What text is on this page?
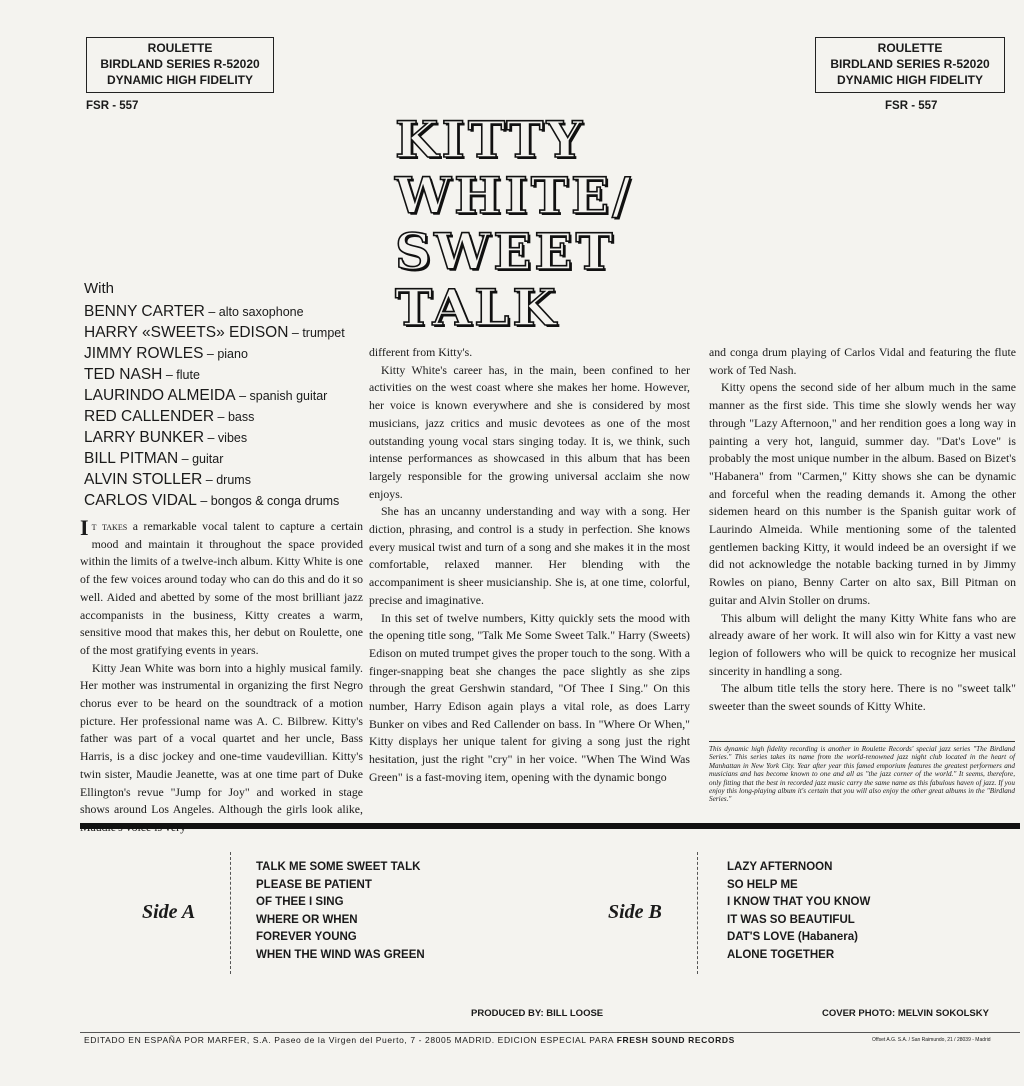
ROULETTE
BIRDLAND SERIES R-52020
DYNAMIC HIGH FIDELITY
FSR - 557
ROULETTE
BIRDLAND SERIES R-52020
DYNAMIC HIGH FIDELITY
FSR - 557
KITTY
WHITE/
SWEET
TALK
With
BENNY CARTER – alto saxophone
HARRY «SWEETS» EDISON – trumpet
JIMMY ROWLES – piano
TED NASH – flute
LAURINDO ALMEIDA – spanish guitar
RED CALLENDER – bass
LARRY BUNKER – vibes
BILL PITMAN – guitar
ALVIN STOLLER – drums
CARLOS VIDAL – bongos & conga drums

It takes a remarkable vocal talent to capture a certain mood and maintain it throughout the space provided within the limits of a twelve-inch album. Kitty White is one of the few voices around today who can do this and do it so well. Aided and abetted by some of the most brilliant jazz accompanists in the business, Kitty creates a warm, sensitive mood that makes this, her debut on Roulette, one of the most gratifying events in years.

Kitty Jean White was born into a highly musical family. Her mother was instrumental in organizing the first Negro chorus ever to be heard on the soundtrack of a motion picture. Her professional name was A. C. Bilbrew. Kitty's father was part of a vocal quartet and her uncle, Bass Harris, is a disc jockey and one-time vaudevillian. Kitty's twin sister, Maudie Jeanette, was at one time part of Duke Ellington's revue "Jump for Joy" and worked in stage shows around Los Angeles. Although the girls look alike,

different from Kitty's.

Kitty White's career has, in the main, been confined to her activities on the west coast where she makes her home. However, her voice is known everywhere and she is considered by most musicians, jazz critics and music devotees as one of the most outstanding young vocal stars singing today. It is, we think, such intense performances as showcased in this album that has been largely responsible for the growing universal acclaim she now enjoys.

She has an uncanny understanding and way with a song. Her diction, phrasing, and control is a study in perfection. She knows every musical twist and turn of a song and she makes it in the most comfortable, relaxed manner. Her blending with the accompaniment is sheer musicianship. She is, at one time, colorful, precise and imaginative.

In this set of twelve numbers, Kitty quickly sets the mood with the opening title song, "Talk Me Some Sweet Talk." Harry (Sweets) Edison on muted trumpet gives the proper touch to the song. With a finger-snapping beat she changes the pace slightly as she zips through the great Gershwin standard, "Of Thee I Sing." On this number, Harry Edison again plays a vital role, as does Larry Bunker on vibes and Red Callender on bass. In "Where Or When," Kitty displays her unique talent for giving a song just the right hesitation, just the right "cry" in her voice. "When The Wind Was Green" is a fast-moving item, opening with the dynamic bongo

and conga drum playing of Carlos Vidal and featuring the flute work of Ted Nash.

Kitty opens the second side of her album much in the same manner as the first side. This time she slowly wends her way through "Lazy Afternoon," and her rendition goes a long way in painting a very hot, languid, summer day. "Dat's Love" is probably the most unique number in the album. Based on Bizet's "Habanera" from "Carmen," Kitty shows she can be dynamic and forceful when the reading demands it. Among the other sidemen heard on this number is the Spanish guitar work of Laurindo Almeida. While mentioning some of the talented gentlemen backing Kitty, it would indeed be an oversight if we did not acknowledge the notable backing turned in by Jimmy Rowles on piano, Benny Carter on alto sax, Bill Pitman on guitar and Alvin Stoller on drums.

This album will delight the many Kitty White fans who are already aware of her work. It will also win for Kitty a vast new legion of followers who will be quick to recognize her musical sincerity in handling a song.

The album title tells the story here. There is no "sweet talk" sweeter than the sweet sounds of Kitty White.

This dynamic high fidelity recording is another in Roulette Records' special jazz series "The Birdland Series." This series takes its name from the world-renowned jazz night club located in the heart of Manhattan in New York City. Year after year this famed emporium features the greatest performers and musicians and has become known to one and all as "the jazz corner of the world." It seems, therefore, only fitting that the best in recorded jazz music carry the same name as this fabulous haven of jazz. If you enjoy this long-playing album it's certain that you will also enjoy the other great albums in the "Birdland Series."
Side A
TALK ME SOME SWEET TALK
PLEASE BE PATIENT
OF THEE I SING
WHERE OR WHEN
FOREVER YOUNG
WHEN THE WIND WAS GREEN
Side B
LAZY AFTERNOON
SO HELP ME
I KNOW THAT YOU KNOW
IT WAS SO BEAUTIFUL
DAT'S LOVE (Habanera)
ALONE TOGETHER
PRODUCED BY: BILL LOOSE	COVER PHOTO: MELVIN SOKOLSKY
EDITADO EN ESPAÑA POR MARFER, S.A. Paseo de la Virgen del Puerto, 7 - 28005 MADRID. EDICION ESPECIAL PARA FRESH SOUND RECORDS	Offset A.G. S.A. / San Raimundo, 21 / 28039 - Madrid
